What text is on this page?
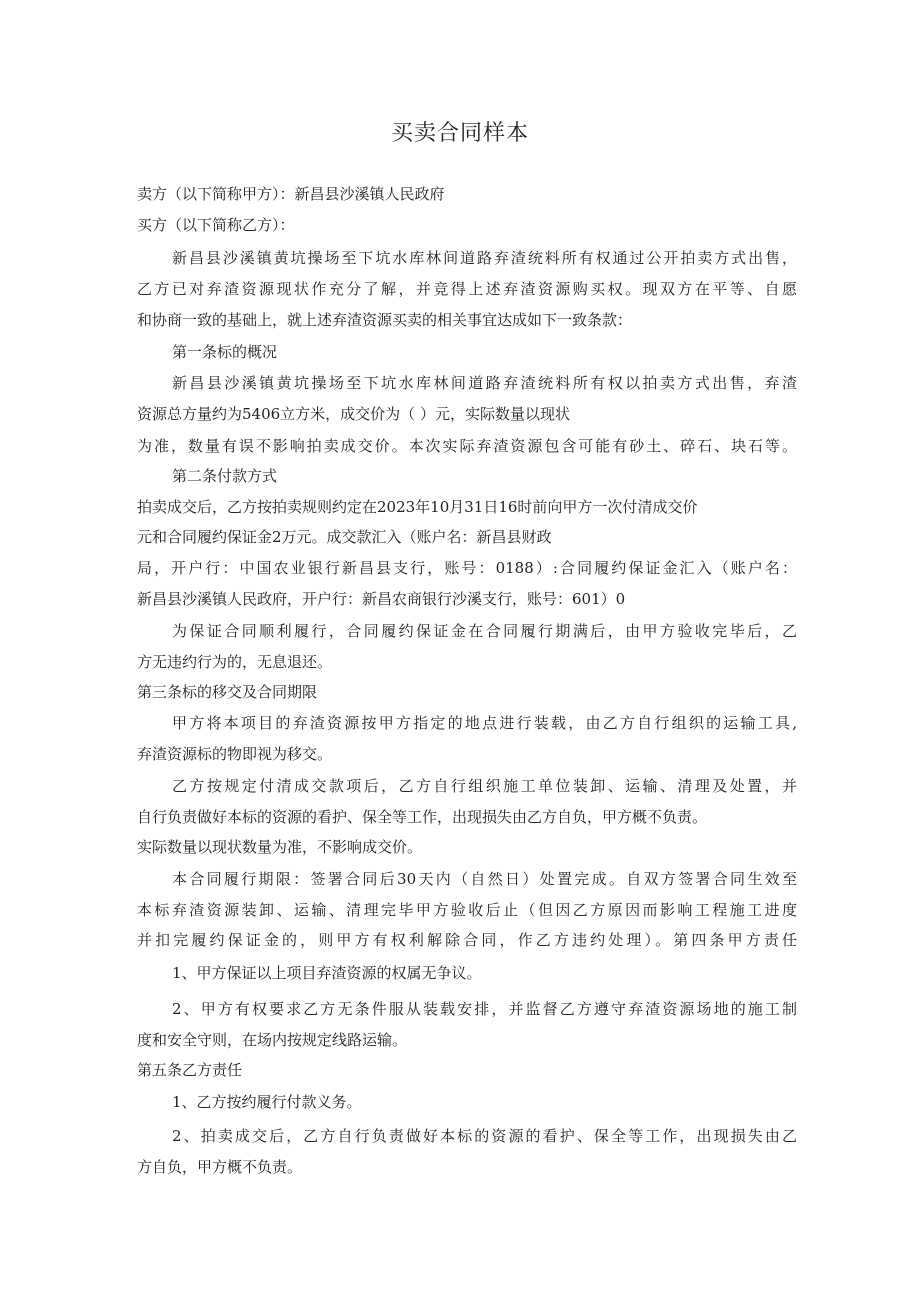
买卖合同样本
卖方（以下简称甲方）：新昌县沙溪镇人民政府
买方（以下简称乙方）：
新昌县沙溪镇黄坑操场至下坑水库林间道路弃渣统料所有权通过公开拍卖方式出售，
乙方已对弃渣资源现状作充分了解，并竞得上述弃渣资源购买权。现双方在平等、自愿
和协商一致的基础上，就上述弃渣资源买卖的相关事宜达成如下一致条款：
第一条标的概况
新昌县沙溪镇黄坑操场至下坑水库林间道路弃渣统料所有权以拍卖方式出售，弃渣
资源总方量约为5406立方米，成交价为（ ）元，实际数量以现状
为准，数量有误不影响拍卖成交价。本次实际弃渣资源包含可能有砂土、碎石、块石等。
第二条付款方式
拍卖成交后，乙方按拍卖规则约定在2023年10月31日16时前向甲方一次付清成交价
元和合同履约保证金2万元。成交款汇入（账户名：新昌县财政
局，开户行：中国农业银行新昌县支行，账号：0188）:合同履约保证金汇入（账户名：
新昌县沙溪镇人民政府，开户行：新昌农商银行沙溪支行，账号：601）0
为保证合同顺利履行，合同履约保证金在合同履行期满后，由甲方验收完毕后，乙
方无违约行为的，无息退还。
第三条标的移交及合同期限
甲方将本项目的弃渣资源按甲方指定的地点进行装载，由乙方自行组织的运输工具,
弃渣资源标的物即视为移交。
乙方按规定付清成交款项后，乙方自行组织施工单位装卸、运输、清理及处置，并
自行负责做好本标的资源的看护、保全等工作，出现损失由乙方自负，甲方概不负责。
实际数量以现状数量为准，不影响成交价。
本合同履行期限：签署合同后30天内（自然日）处置完成。自双方签署合同生效至
本标弃渣资源装卸、运输、清理完毕甲方验收后止（但因乙方原因而影响工程施工进度
并扣完履约保证金的，则甲方有权利解除合同，作乙方违约处理）。第四条甲方责任
1、甲方保证以上项目弃渣资源的权属无争议。
2、甲方有权要求乙方无条件服从装载安排，并监督乙方遵守弃渣资源场地的施工制
度和安全守则，在场内按规定线路运输。
第五条乙方责任
1、乙方按约履行付款义务。
2、拍卖成交后，乙方自行负责做好本标的资源的看护、保全等工作，出现损失由乙
方自负，甲方概不负责。
